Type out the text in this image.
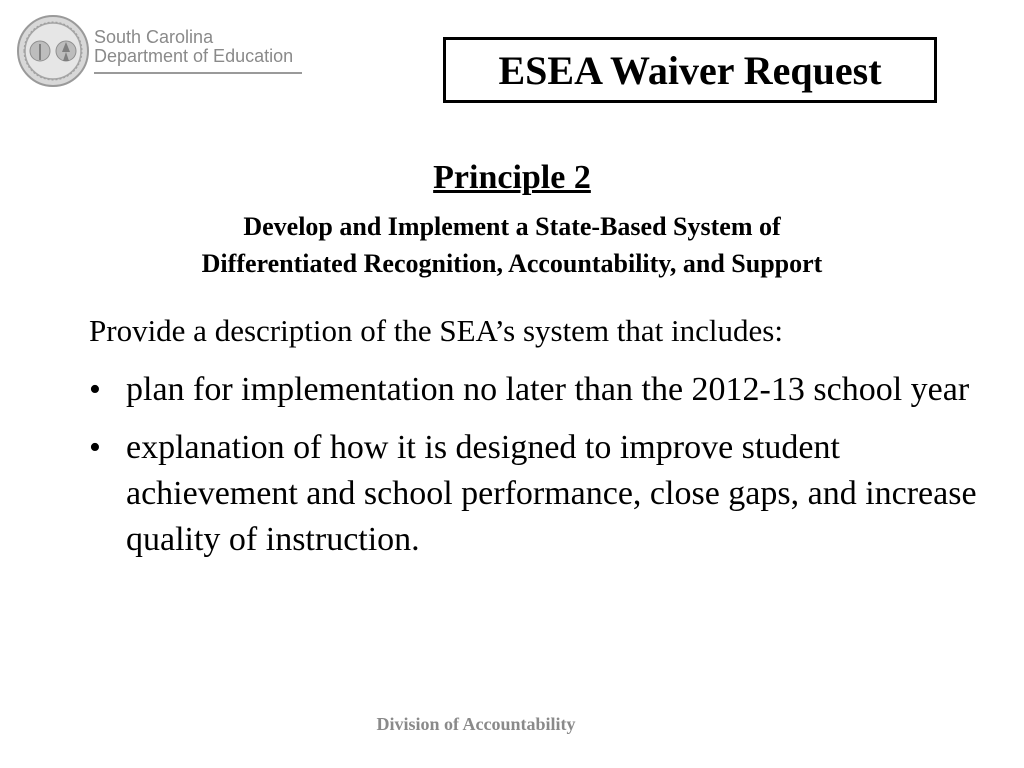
South Carolina
Department of Education	ESEA Waiver Request
Principle 2
Develop and Implement a State-Based System of
Differentiated Recognition, Accountability, and Support
Provide a description of the SEA’s system that includes:
• plan for implementation no later than the 2012-13 school year
• explanation of how it is designed to improve student achievement and school performance, close gaps, and increase quality of instruction.
Division of Accountability
